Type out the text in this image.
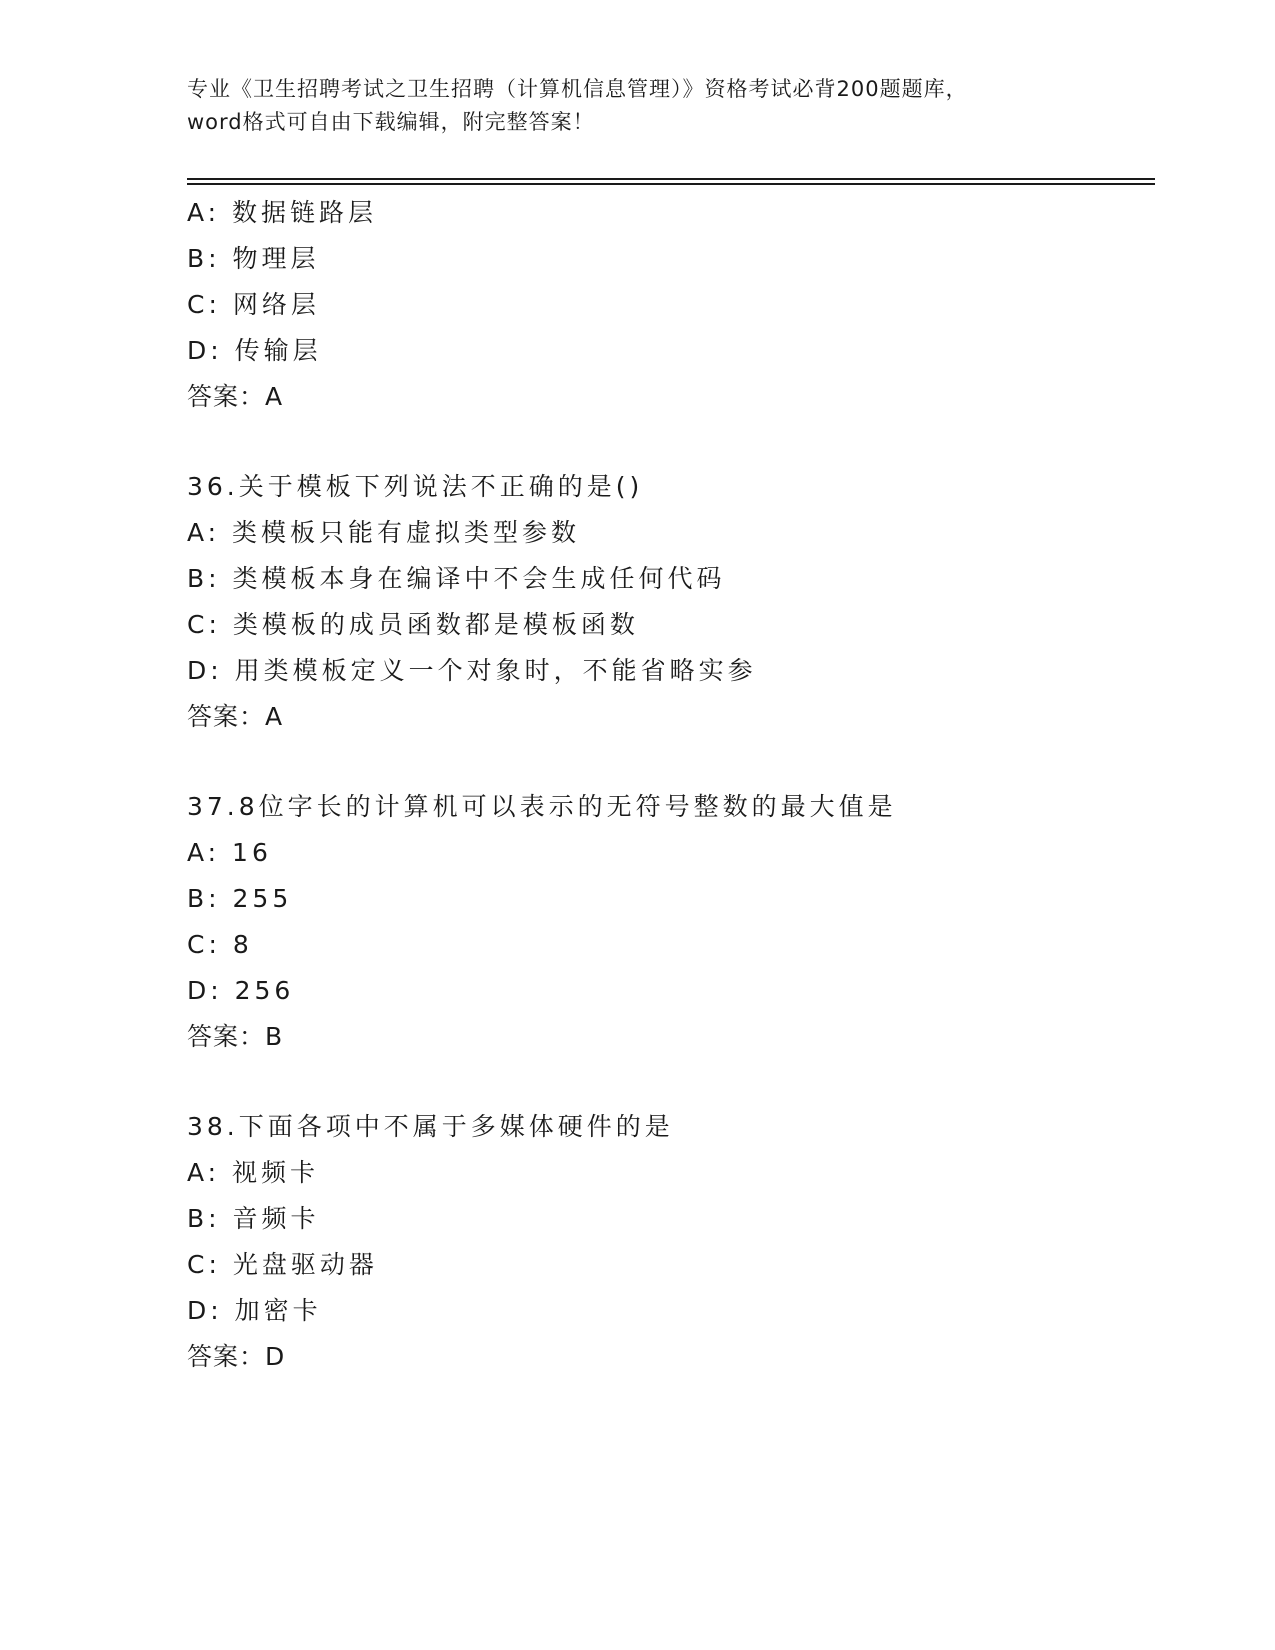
专业《卫生招聘考试之卫生招聘（计算机信息管理）》资格考试必背200题题库，
word格式可自由下载编辑，附完整答案！
A: 数据链路层
B: 物理层
C: 网络层
D: 传输层
答案：A
36.关于模板下列说法不正确的是()
A: 类模板只能有虚拟类型参数
B: 类模板本身在编译中不会生成任何代码
C: 类模板的成员函数都是模板函数
D: 用类模板定义一个对象时，不能省略实参
答案：A
37.8位字长的计算机可以表示的无符号整数的最大值是
A: 16
B: 255
C: 8
D: 256
答案：B
38.下面各项中不属于多媒体硬件的是
A: 视频卡
B: 音频卡
C: 光盘驱动器
D: 加密卡
答案：D
